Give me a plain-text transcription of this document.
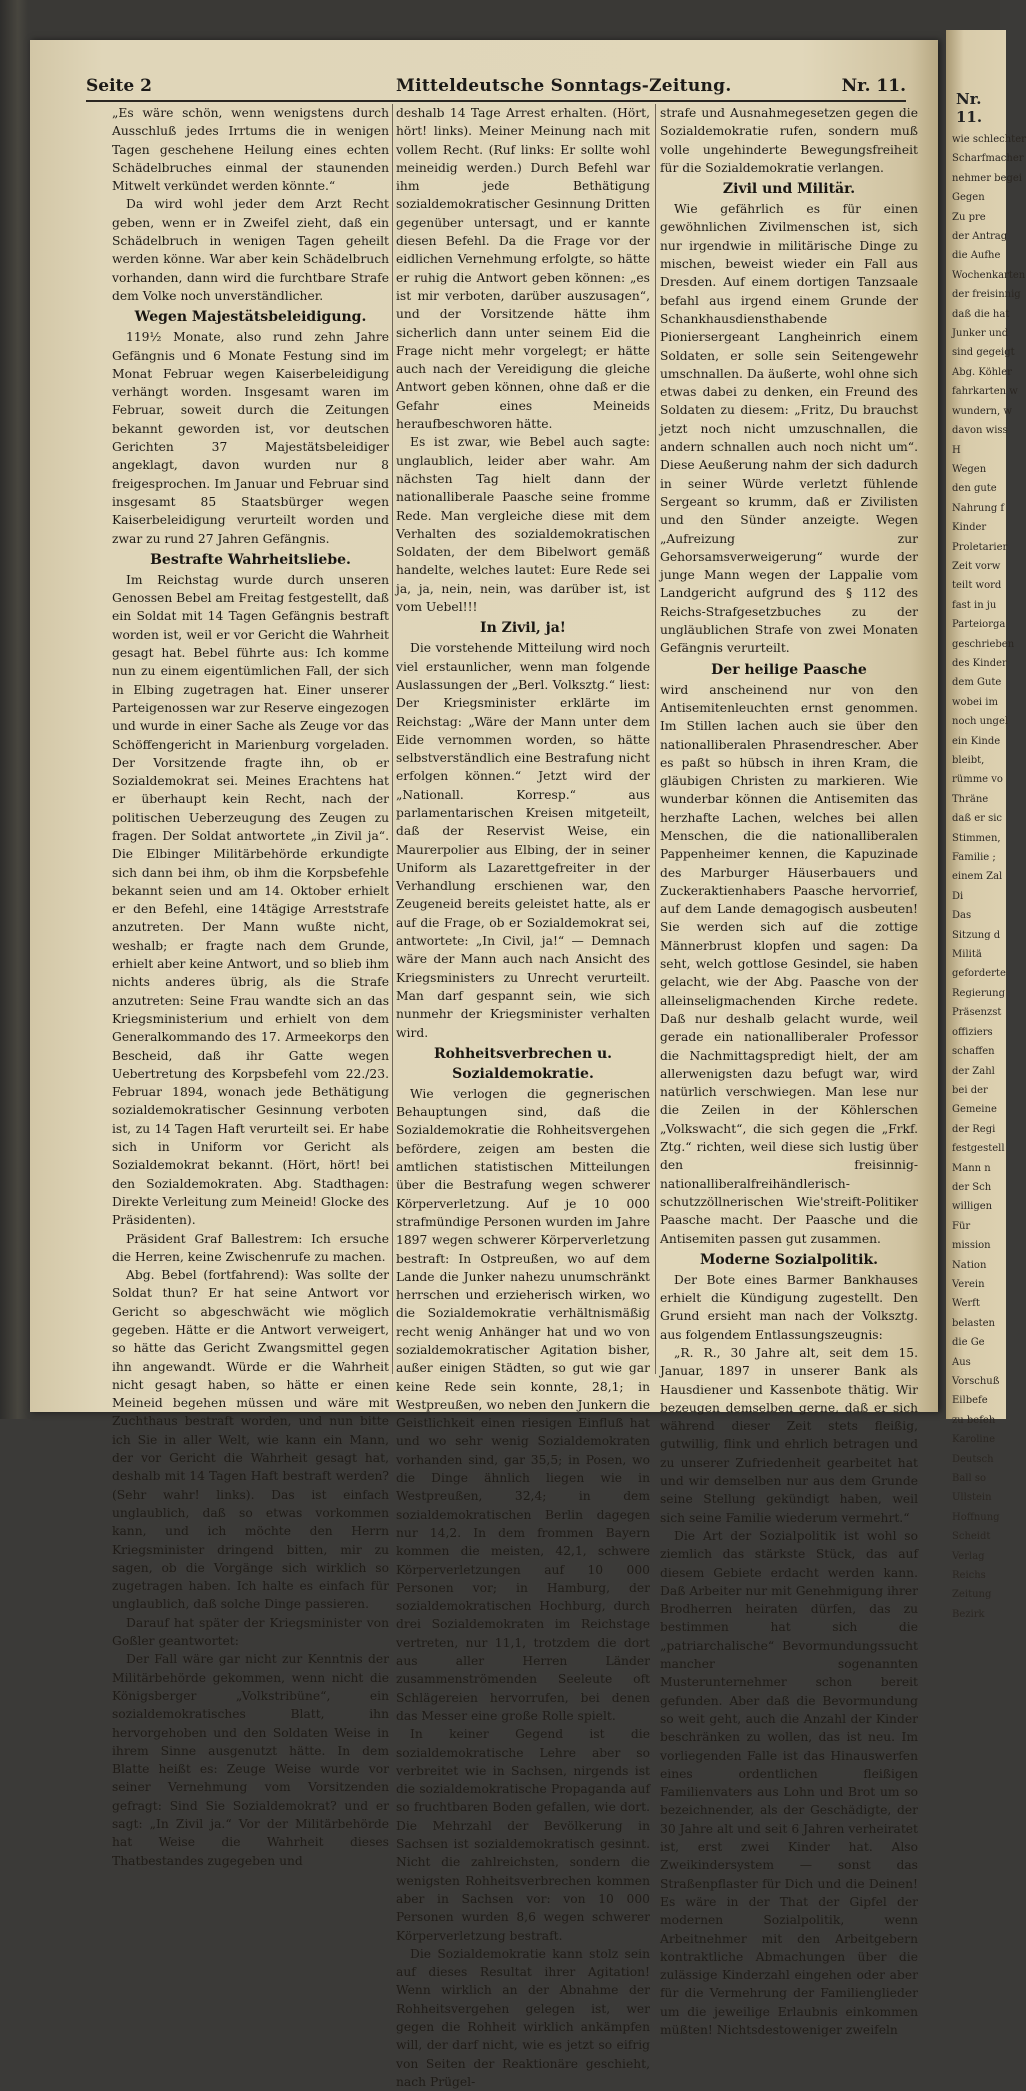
Nr. 11.
wie schlechter
Scharfmacher
nehmer begei
Gegen
Zu pre
der Antrag
die Aufhe
Wochenkarten
der freisinnig
daß die hat
Junker und
sind gegeigt
Abg. Köhler
fahrkarten w
wundern, w
davon wiss
H
Wegen
den gute
Nahrung f
Kinder
Proletarier
Zeit vorw
teilt word
fast in ju
Parteiorga
geschrieben
des Kinder
dem Gute
wobei im
noch ungel
ein Kinde
bleibt,
rümme vo
Thräne
daß er sic
Stimmen,
Familie ;
einem Zal
Di
Das
Sitzung d
Militä
geforderte
Regierung
Präsenzst
offiziers
schaffen
der Zahl
bei der
Gemeine
der Regi
festgestell
Mann n
der Sch
willigen
Für
mission
Nation
Verein
Werft
belasten
die Ge
Aus
Vorschuß
Eilbefe
zu befeh
Karoline
Deutsch
Ball so
Ullstein
Hoffnung
Scheidt
Verlag
Reichs
Zeitung
Bezirk
Seite 2	Mitteldeutsche Sonntags-Zeitung.	Nr. 11.

„Es wäre schön, wenn wenigstens durch Ausschluß jedes Irrtums die in wenigen Tagen geschehene Heilung eines echten Schädelbruches einmal der staunenden Mitwelt verkündet werden könnte.“

Da wird wohl jeder dem Arzt Recht geben, wenn er in Zweifel zieht, daß ein Schädelbruch in wenigen Tagen geheilt werden könne. War aber kein Schädelbruch vorhanden, dann wird die furchtbare Strafe dem Volke noch unverständlicher.

Wegen Majestätsbeleidigung.

119½ Monate, also rund zehn Jahre Gefängnis und 6 Monate Festung sind im Monat Februar wegen Kaiserbeleidigung verhängt worden. Insgesamt waren im Februar, soweit durch die Zeitungen bekannt geworden ist, vor deutschen Gerichten 37 Majestätsbeleidiger angeklagt, davon wurden nur 8 freigesprochen. Im Januar und Februar sind insgesamt 85 Staatsbürger wegen Kaiserbeleidigung verurteilt worden und zwar zu rund 27 Jahren Gefängnis.

Bestrafte Wahrheitsliebe.

Im Reichstag wurde durch unseren Genossen Bebel am Freitag festgestellt, daß ein Soldat mit 14 Tagen Gefängnis bestraft worden ist, weil er vor Gericht die Wahrheit gesagt hat. Bebel führte aus: Ich komme nun zu einem eigentümlichen Fall, der sich in Elbing zugetragen hat. Einer unserer Parteigenossen war zur Reserve eingezogen und wurde in einer Sache als Zeuge vor das Schöffengericht in Marienburg vorgeladen. Der Vorsitzende fragte ihn, ob er Sozialdemokrat sei. Meines Erachtens hat er überhaupt kein Recht, nach der politischen Ueberzeugung des Zeugen zu fragen. Der Soldat antwortete „in Zivil ja“. Die Elbinger Militärbehörde erkundigte sich dann bei ihm, ob ihm die Korpsbefehle bekannt seien und am 14. Oktober erhielt er den Befehl, eine 14tägige Arreststrafe anzutreten. Der Mann wußte nicht, weshalb; er fragte nach dem Grunde, erhielt aber keine Antwort, und so blieb ihm nichts anderes übrig, als die Strafe anzutreten: Seine Frau wandte sich an das Kriegsministerium und erhielt von dem Generalkommando des 17. Armeekorps den Bescheid, daß ihr Gatte wegen Uebertretung des Korpsbefehl vom 22./23. Februar 1894, wonach jede Bethätigung sozialdemokratischer Gesinnung verboten ist, zu 14 Tagen Haft verurteilt sei. Er habe sich in Uniform vor Gericht als Sozialdemokrat bekannt. (Hört, hört! bei den Sozialdemokraten. Abg. Stadthagen: Direkte Verleitung zum Meineid! Glocke des Präsidenten).

Präsident Graf Ballestrem: Ich ersuche die Herren, keine Zwischenrufe zu machen.

Abg. Bebel (fortfahrend): Was sollte der Soldat thun? Er hat seine Antwort vor Gericht so abgeschwächt wie möglich gegeben. Hätte er die Antwort verweigert, so hätte das Gericht Zwangsmittel gegen ihn angewandt. Würde er die Wahrheit nicht gesagt haben, so hätte er einen Meineid begehen müssen und wäre mit Zuchthaus bestraft worden, und nun bitte ich Sie in aller Welt, wie kann ein Mann, der vor Gericht die Wahrheit gesagt hat, deshalb mit 14 Tagen Haft bestraft werden? (Sehr wahr! links). Das ist einfach unglaublich, daß so etwas vorkommen kann, und ich möchte den Herrn Kriegsminister dringend bitten, mir zu sagen, ob die Vorgänge sich wirklich so zugetragen haben. Ich halte es einfach für unglaublich, daß solche Dinge passieren.

Darauf hat später der Kriegsminister von Goßler geantwortet:

Der Fall wäre gar nicht zur Kenntnis der Militärbehörde gekommen, wenn nicht die Königsberger „Volkstribüne“, ein sozialdemokratisches Blatt, ihn hervorgehoben und den Soldaten Weise in ihrem Sinne ausgenutzt hätte. In dem Blatte heißt es: Zeuge Weise wurde vor seiner Vernehmung vom Vorsitzenden gefragt: Sind Sie Sozialdemokrat? und er sagt: „In Zivil ja.“ Vor der Militärbehörde hat Weise die Wahrheit dieses Thatbestandes zugegeben und

deshalb 14 Tage Arrest erhalten. (Hört, hört! links). Meiner Meinung nach mit vollem Recht. (Ruf links: Er sollte wohl meineidig werden.) Durch Befehl war ihm jede Bethätigung sozialdemokratischer Gesinnung Dritten gegenüber untersagt, und er kannte diesen Befehl. Da die Frage vor der eidlichen Vernehmung erfolgte, so hätte er ruhig die Antwort geben können: „es ist mir verboten, darüber auszusagen“, und der Vorsitzende hätte ihm sicherlich dann unter seinem Eid die Frage nicht mehr vorgelegt; er hätte auch nach der Vereidigung die gleiche Antwort geben können, ohne daß er die Gefahr eines Meineids heraufbeschworen hätte.

Es ist zwar, wie Bebel auch sagte: unglaublich, leider aber wahr. Am nächsten Tag hielt dann der nationalliberale Paasche seine fromme Rede. Man vergleiche diese mit dem Verhalten des sozialdemokratischen Soldaten, der dem Bibelwort gemäß handelte, welches lautet: Eure Rede sei ja, ja, nein, nein, was darüber ist, ist vom Uebel!!!

In Zivil, ja!

Die vorstehende Mitteilung wird noch viel erstaunlicher, wenn man folgende Auslassungen der „Berl. Volksztg.“ liest: Der Kriegsminister erklärte im Reichstag: „Wäre der Mann unter dem Eide vernommen worden, so hätte selbstverständlich eine Bestrafung nicht erfolgen können.“ Jetzt wird der „Nationall. Korresp.“ aus parlamentarischen Kreisen mitgeteilt, daß der Reservist Weise, ein Maurerpolier aus Elbing, der in seiner Uniform als Lazarettgefreiter in der Verhandlung erschienen war, den Zeugeneid bereits geleistet hatte, als er auf die Frage, ob er Sozialdemokrat sei, antwortete: „In Civil, ja!“ — Demnach wäre der Mann auch nach Ansicht des Kriegsministers zu Unrecht verurteilt. Man darf gespannt sein, wie sich nunmehr der Kriegsminister verhalten wird.

Rohheitsverbrechen u. Sozialdemokratie.

Wie verlogen die gegnerischen Behauptungen sind, daß die Sozialdemokratie die Rohheitsvergehen befördere, zeigen am besten die amtlichen statistischen Mitteilungen über die Bestrafung wegen schwerer Körperverletzung. Auf je 10 000 strafmündige Personen wurden im Jahre 1897 wegen schwerer Körperverletzung bestraft: In Ostpreußen, wo auf dem Lande die Junker nahezu unumschränkt herrschen und erzieherisch wirken, wo die Sozialdemokratie verhältnismäßig recht wenig Anhänger hat und wo von sozialdemokratischer Agitation bisher, außer einigen Städten, so gut wie gar keine Rede sein konnte, 28,1; in Westpreußen, wo neben den Junkern die Geistlichkeit einen riesigen Einfluß hat und wo sehr wenig Sozialdemokraten vorhanden sind, gar 35,5; in Posen, wo die Dinge ähnlich liegen wie in Westpreußen, 32,4; in dem sozialdemokratischen Berlin dagegen nur 14,2. In dem frommen Bayern kommen die meisten, 42,1, schwere Körperverletzungen auf 10 000 Personen vor; in Hamburg, der sozialdemokratischen Hochburg, durch drei Sozialdemokraten im Reichstage vertreten, nur 11,1, trotzdem die dort aus aller Herren Länder zusammenströmenden Seeleute oft Schlägereien hervorrufen, bei denen das Messer eine große Rolle spielt.

In keiner Gegend ist die sozialdemokratische Lehre aber so verbreitet wie in Sachsen, nirgends ist die sozialdemokratische Propaganda auf so fruchtbaren Boden gefallen, wie dort. Die Mehrzahl der Bevölkerung in Sachsen ist sozialdemokratisch gesinnt. Nicht die zahlreichsten, sondern die wenigsten Rohheitsverbrechen kommen aber in Sachsen vor: von 10 000 Personen wurden 8,6 wegen schwerer Körperverletzung bestraft.

Die Sozialdemokratie kann stolz sein auf dieses Resultat ihrer Agitation! Wenn wirklich an der Abnahme der Rohheitsvergehen gelegen ist, wer gegen die Rohheit wirklich ankämpfen will, der darf nicht, wie es jetzt so eifrig von Seiten der Reaktionäre geschieht, nach Prügel-

strafe und Ausnahmegesetzen gegen die Sozialdemokratie rufen, sondern muß volle ungehinderte Bewegungsfreiheit für die Sozialdemokratie verlangen.

Zivil und Militär.

Wie gefährlich es für einen gewöhnlichen Zivilmenschen ist, sich nur irgendwie in militärische Dinge zu mischen, beweist wieder ein Fall aus Dresden. Auf einem dortigen Tanzsaale befahl aus irgend einem Grunde der Schankhausdiensthabende Pioniersergeant Langheinrich einem Soldaten, er solle sein Seitengewehr umschnallen. Da äußerte, wohl ohne sich etwas dabei zu denken, ein Freund des Soldaten zu diesem: „Fritz, Du brauchst jetzt noch nicht umzuschnallen, die andern schnallen auch noch nicht um“. Diese Aeußerung nahm der sich dadurch in seiner Würde verletzt fühlende Sergeant so krumm, daß er Zivilisten und den Sünder anzeigte. Wegen „Aufreizung zur Gehorsamsverweigerung“ wurde der junge Mann wegen der Lappalie vom Landgericht aufgrund des § 112 des Reichs-Strafgesetzbuches zu der ungläublichen Strafe von zwei Monaten Gefängnis verurteilt.

Der heilige Paasche

wird anscheinend nur von den Antisemitenleuchten ernst genommen. Im Stillen lachen auch sie über den nationalliberalen Phrasendrescher. Aber es paßt so hübsch in ihren Kram, die gläubigen Christen zu markieren. Wie wunderbar können die Antisemiten das herzhafte Lachen, welches bei allen Menschen, die die nationalliberalen Pappenheimer kennen, die Kapuzinade des Marburger Häuserbauers und Zuckeraktienhabers Paasche hervorrief, auf dem Lande demagogisch ausbeuten! Sie werden sich auf die zottige Männerbrust klopfen und sagen: Da seht, welch gottlose Gesindel, sie haben gelacht, wie der Abg. Paasche von der alleinseligmachenden Kirche redete. Daß nur deshalb gelacht wurde, weil gerade ein nationalliberaler Professor die Nachmittagspredigt hielt, der am allerwenigsten dazu befugt war, wird natürlich verschwiegen. Man lese nur die Zeilen in der Köhlerschen „Volkswacht“, die sich gegen die „Frkf. Ztg.“ richten, weil diese sich lustig über den freisinnig-nationalliberalfreihändlerisch-schutzzöllnerischen Wie'streift-Politiker Paasche macht. Der Paasche und die Antisemiten passen gut zusammen.

Moderne Sozialpolitik.

Der Bote eines Barmer Bankhauses erhielt die Kündigung zugestellt. Den Grund ersieht man nach der Volksztg. aus folgendem Entlassungszeugnis:

„R. R., 30 Jahre alt, seit dem 15. Januar, 1897 in unserer Bank als Hausdiener und Kassenbote thätig. Wir bezeugen demselben gerne, daß er sich während dieser Zeit stets fleißig, gutwillig, flink und ehrlich betragen und zu unserer Zufriedenheit gearbeitet hat und wir demselben nur aus dem Grunde seine Stellung gekündigt haben, weil sich seine Familie wiederum vermehrt.“

Die Art der Sozialpolitik ist wohl so ziemlich das stärkste Stück, das auf diesem Gebiete erdacht werden kann. Daß Arbeiter nur mit Genehmigung ihrer Brodherren heiraten dürfen, das zu bestimmen hat sich die „patriarchalische“ Bevormundungssucht mancher sogenannten Musterunternehmer schon bereit gefunden. Aber daß die Bevormundung so weit geht, auch die Anzahl der Kinder beschränken zu wollen, das ist neu. Im vorliegenden Falle ist das Hinauswerfen eines ordentlichen fleißigen Familienvaters aus Lohn und Brot um so bezeichnender, als der Geschädigte, der 30 Jahre alt und seit 6 Jahren verheiratet ist, erst zwei Kinder hat. Also Zweikindersystem — sonst das Straßenpflaster für Dich und die Deinen! Es wäre in der That der Gipfel der modernen Sozialpolitik, wenn Arbeitnehmer mit den Arbeitgebern kontraktliche Abmachungen über die zulässige Kinderzahl eingehen oder aber für die Vermehrung der Familienglieder um die jeweilige Erlaubnis einkommen müßten! Nichtsdestoweniger zweifeln
